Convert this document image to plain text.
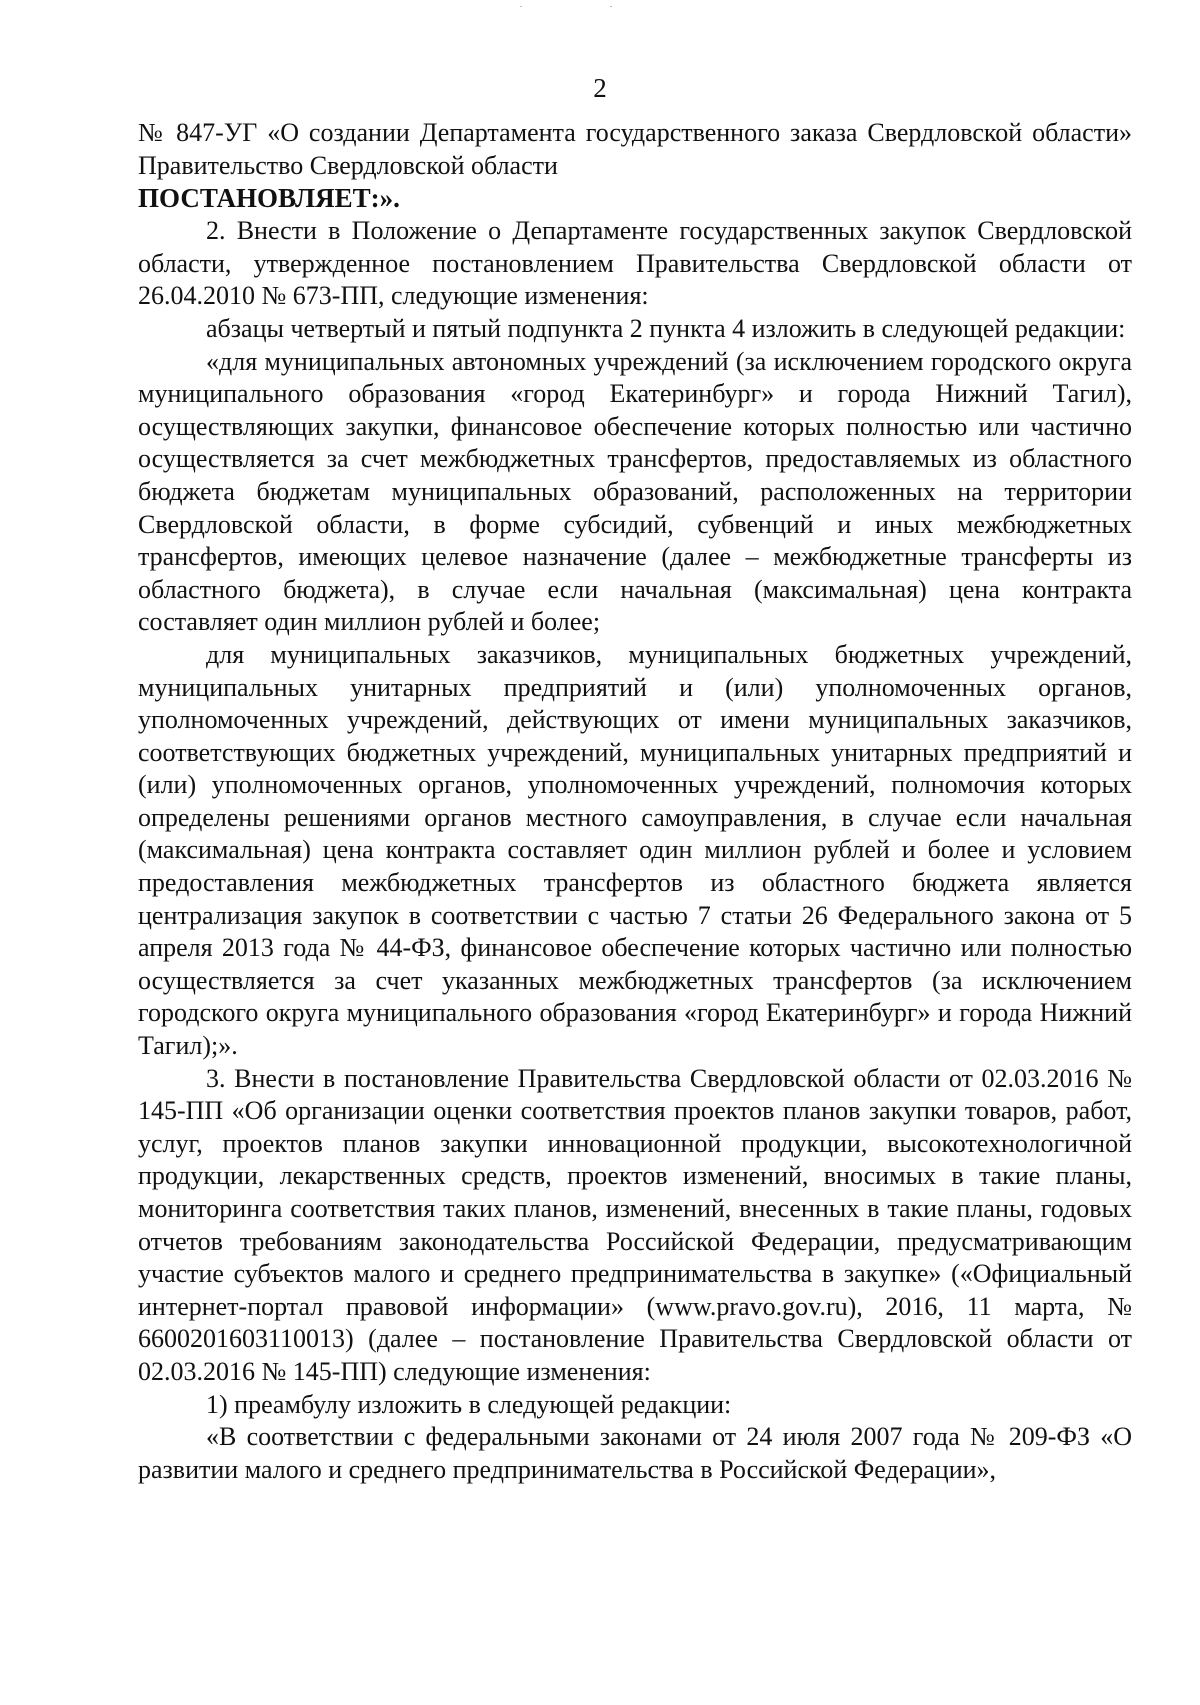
2

№ 847-УГ «О создании Департамента государственного заказа Свердловской области» Правительство Свердловской области

ПОСТАНОВЛЯЕТ:».

2. Внести в Положение о Департаменте государственных закупок Свердловской области, утвержденное постановлением Правительства Свердловской области от 26.04.2010 № 673-ПП, следующие изменения:

абзацы четвертый и пятый подпункта 2 пункта 4 изложить в следующей редакции:

«для муниципальных автономных учреждений (за исключением городского округа муниципального образования «город Екатеринбург» и города Нижний Тагил), осуществляющих закупки, финансовое обеспечение которых полностью или частично осуществляется за счет межбюджетных трансфертов, предоставляемых из областного бюджета бюджетам муниципальных образований, расположенных на территории Свердловской области, в форме субсидий, субвенций и иных межбюджетных трансфертов, имеющих целевое назначение (далее – межбюджетные трансферты из областного бюджета), в случае если начальная (максимальная) цена контракта составляет один миллион рублей и более;

для муниципальных заказчиков, муниципальных бюджетных учреждений, муниципальных унитарных предприятий и (или) уполномоченных органов, уполномоченных учреждений, действующих от имени муниципальных заказчиков, соответствующих бюджетных учреждений, муниципальных унитарных предприятий и (или) уполномоченных органов, уполномоченных учреждений, полномочия которых определены решениями органов местного самоуправления, в случае если начальная (максимальная) цена контракта составляет один миллион рублей и более и условием предоставления межбюджетных трансфертов из областного бюджета является централизация закупок в соответствии с частью 7 статьи 26 Федерального закона от 5 апреля 2013 года № 44-ФЗ, финансовое обеспечение которых частично или полностью осуществляется за счет указанных межбюджетных трансфертов (за исключением городского округа муниципального образования «город Екатеринбург» и города Нижний Тагил);».

3. Внести в постановление Правительства Свердловской области от 02.03.2016 № 145-ПП «Об организации оценки соответствия проектов планов закупки товаров, работ, услуг, проектов планов закупки инновационной продукции, высокотехнологичной продукции, лекарственных средств, проектов изменений, вносимых в такие планы, мониторинга соответствия таких планов, изменений, внесенных в такие планы, годовых отчетов требованиям законодательства Российской Федерации, предусматривающим участие субъектов малого и среднего предпринимательства в закупке» («Официальный интернет-портал правовой информации» (www.pravo.gov.ru), 2016, 11 марта, № 6600201603110013) (далее – постановление Правительства Свердловской области от 02.03.2016 № 145-ПП) следующие изменения:

1) преамбулу изложить в следующей редакции:

«В соответствии с федеральными законами от 24 июля 2007 года № 209-ФЗ «О развитии малого и среднего предпринимательства в Российской Федерации»,
